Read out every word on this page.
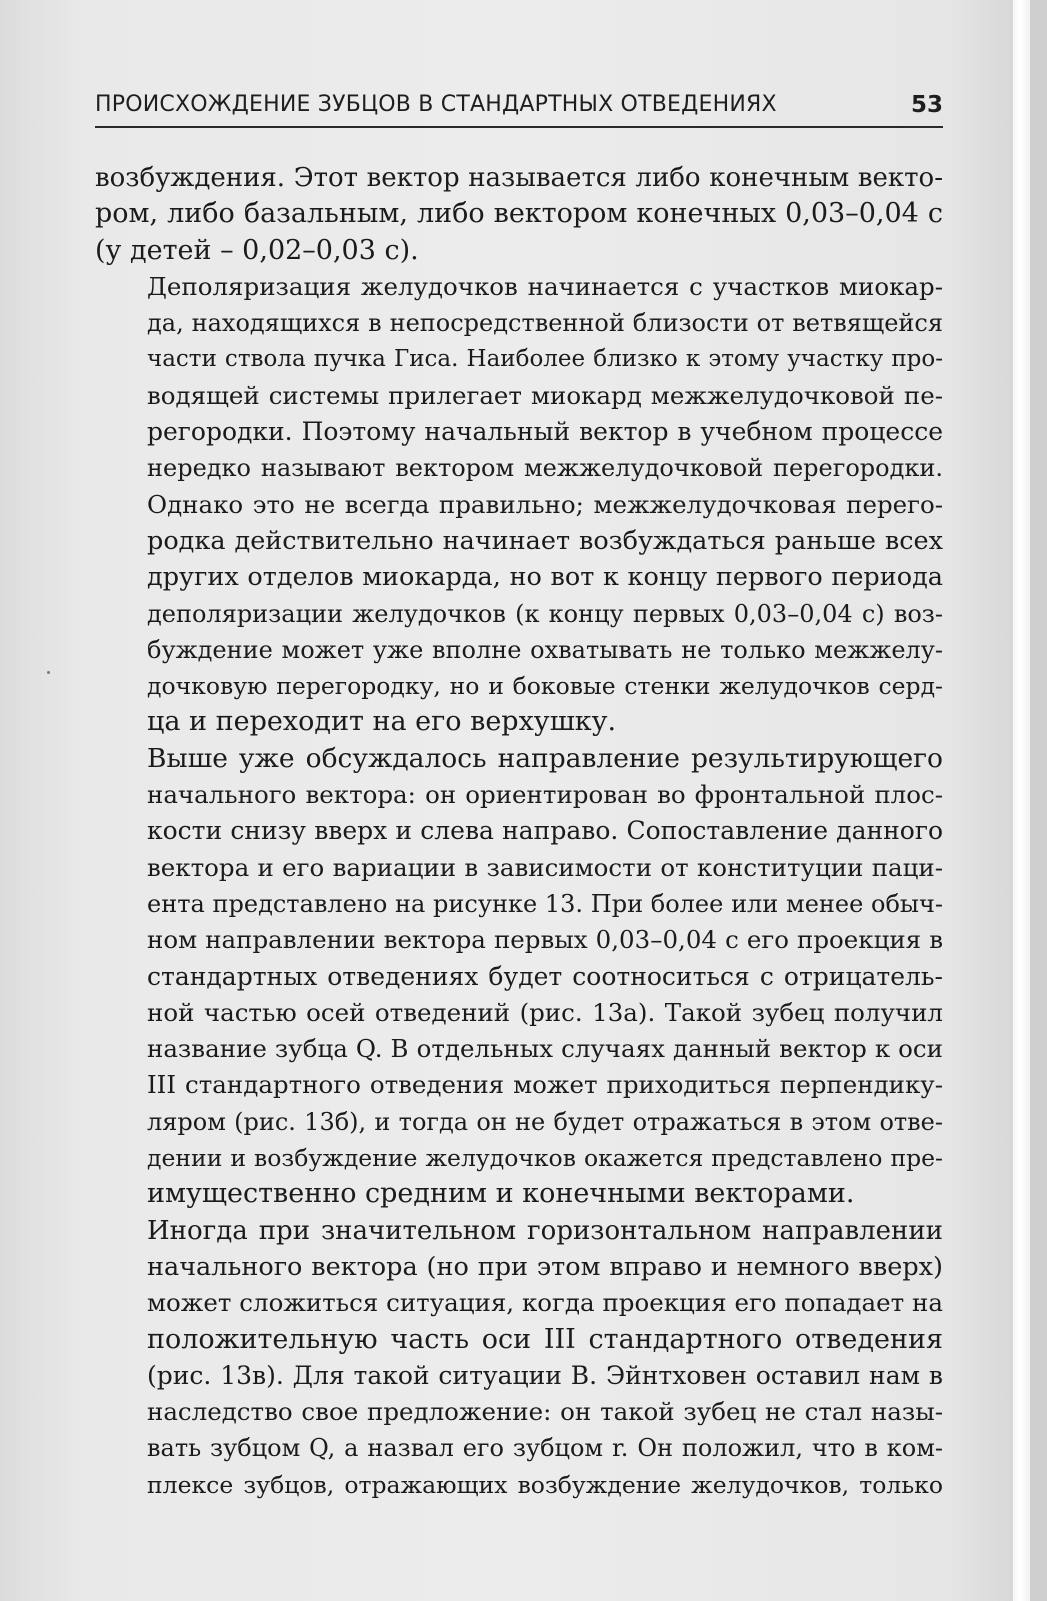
ПРОИСХОЖДЕНИЕ ЗУБЦОВ В СТАНДАРТНЫХ ОТВЕДЕНИЯХ	53

возбуждения. Этот вектор называется либо конечным векто-
ром, либо базальным, либо вектором конечных 0,03–0,04 с
(у детей – 0,02–0,03 с).

Деполяризация желудочков начинается с участков миокар-
да, находящихся в непосредственной близости от ветвящейся
части ствола пучка Гиса. Наиболее близко к этому участку про-
водящей системы прилегает миокард межжелудочковой пе-
регородки. Поэтому начальный вектор в учебном процессе
нередко называют вектором межжелудочковой перегородки.
Однако это не всегда правильно; межжелудочковая перего-
родка действительно начинает возбуждаться раньше всех
других отделов миокарда, но вот к концу первого периода
деполяризации желудочков (к концу первых 0,03–0,04 с) воз-
буждение может уже вполне охватывать не только межжелу-
дочковую перегородку, но и боковые стенки желудочков серд-
ца и переходит на его верхушку.

Выше уже обсуждалось направление результирующего
начального вектора: он ориентирован во фронтальной плос-
кости снизу вверх и слева направо. Сопоставление данного
вектора и его вариации в зависимости от конституции паци-
ента представлено на рисунке 13. При более или менее обыч-
ном направлении вектора первых 0,03–0,04 с его проекция в
стандартных отведениях будет соотноситься с отрицатель-
ной частью осей отведений (рис. 13а). Такой зубец получил
название зубца Q. В отдельных случаях данный вектор к оси
III стандартного отведения может приходиться перпендику-
ляром (рис. 13б), и тогда он не будет отражаться в этом отве-
дении и возбуждение желудочков окажется представлено пре-
имущественно средним и конечными векторами.

Иногда при значительном горизонтальном направлении
начального вектора (но при этом вправо и немного вверх)
может сложиться ситуация, когда проекция его попадает на
положительную часть оси III стандартного отведения
(рис. 13в). Для такой ситуации В. Эйнтховен оставил нам в
наследство свое предложение: он такой зубец не стал назы-
вать зубцом Q, а назвал его зубцом r. Он положил, что в ком-
плексе зубцов, отражающих возбуждение желудочков, только
